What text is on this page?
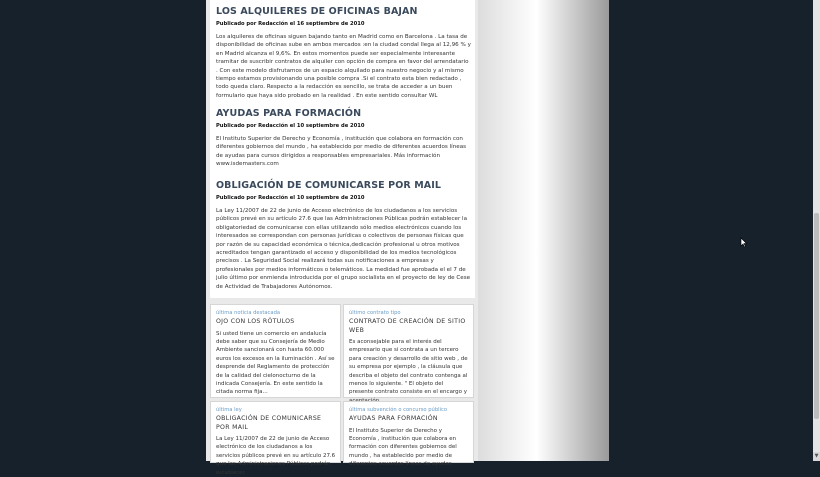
LOS ALQUILERES DE OFICINAS BAJAN

Publicado por Redacción el 16 septiembre de 2010

Los alquileres de oficinas siguen bajando tanto en Madrid como en Barcelona . La tasa de disponibilidad de oficinas sube en ambos mercados :en la ciudad condal llega al 12,96 % y en Madrid alcanza el 9,6%. En estos momentos puede ser especialmente interesante tramitar de suscribir contratos de alquiler con opción de compra en favor del arrendatario . Con este modelo disfrutamos de un espacio alquilado para nuestro negocio y al mismo tiempo estamos provisionando una posible compra .Si el contrato esta bien redactado , todo queda claro. Respecto a la redacción es sencillo, se trata de acceder a un buen formulario que haya sido probado en la realidad . En este sentido consultar WL

AYUDAS PARA FORMACIÓN

Publicado por Redacción el 10 septiembre de 2010

El Instituto Superior de Derecho y Economía , institución que colabora en formación con diferentes gobiernos del mundo , ha establecido por medio de diferentes acuerdos líneas de ayudas para cursos dirigidos a responsables empresariales. Más información www.isdemasters.com

OBLIGACIÓN DE COMUNICARSE POR MAIL

Publicado por Redacción el 10 septiembre de 2010

La Ley 11/2007 de 22 de junio de Acceso electrónico de los ciudadanos a los servicios públicos prevé en su artículo 27.6 que las Administraciones Públicas podrán establecer la obligatoriedad de comunicarse con ellas utilizando sólo medios electrónicos cuando los interesados se correspondan con personas jurídicas o colectivos de personas físicas que por razón de su capacidad económica o técnica,dedicación profesional u otros motivos acreditados tengan garantizado el acceso y disponibilidad de los medios tecnológicos precisos . La Seguridad Social realizará todas sus notificaciones a empresas y profesionales por medios informáticos o telemáticos. La medidad fue aprobada el el 7 de julio último por enmienda introducida por el grupo socialista en el proyecto de ley de Cese de Actividad de Trabajadores Autónomos.

última noticia destacada

OJO CON LOS RÓTULOS

Si usted tiene un comercio en andalucía debe saber que su Consejería de Medio Ambiente sancionará con hasta 60.000 euros los excesos en la iluminación . Así se desprende del Reglamento de protección de la calidad del cielonocturno de la indicada Consejería. En este sentido la citada norma fija...

último contrato tipo

CONTRATO DE CREACIÓN DE SITIO WEB

Es aconsejable para el interés del empresario que si contrata a un tercero para creación y desarrollo de sitio web , de su empresa por ejemplo , la cláusula que describa el objeto del contrato contenga al menos lo siguiente. " El objeto del presente contrato consiste en el encargo y

última ley

OBLIGACIÓN DE COMUNICARSE POR MAIL

La Ley 11/2007 de 22 de junio de Acceso electrónico de los ciudadanos a los servicios públicos prevé en su artículo 27.6 que las Administraciones Públicas podrán establecer

última subvención o concurso público

AYUDAS PARA FORMACIÓN

El Instituto Superior de Derecho y Economía , institución que colabora en formación con diferentes gobiernos del mundo , ha establecido por medio de diferentes acuerdos líneas de ayudas

▼
